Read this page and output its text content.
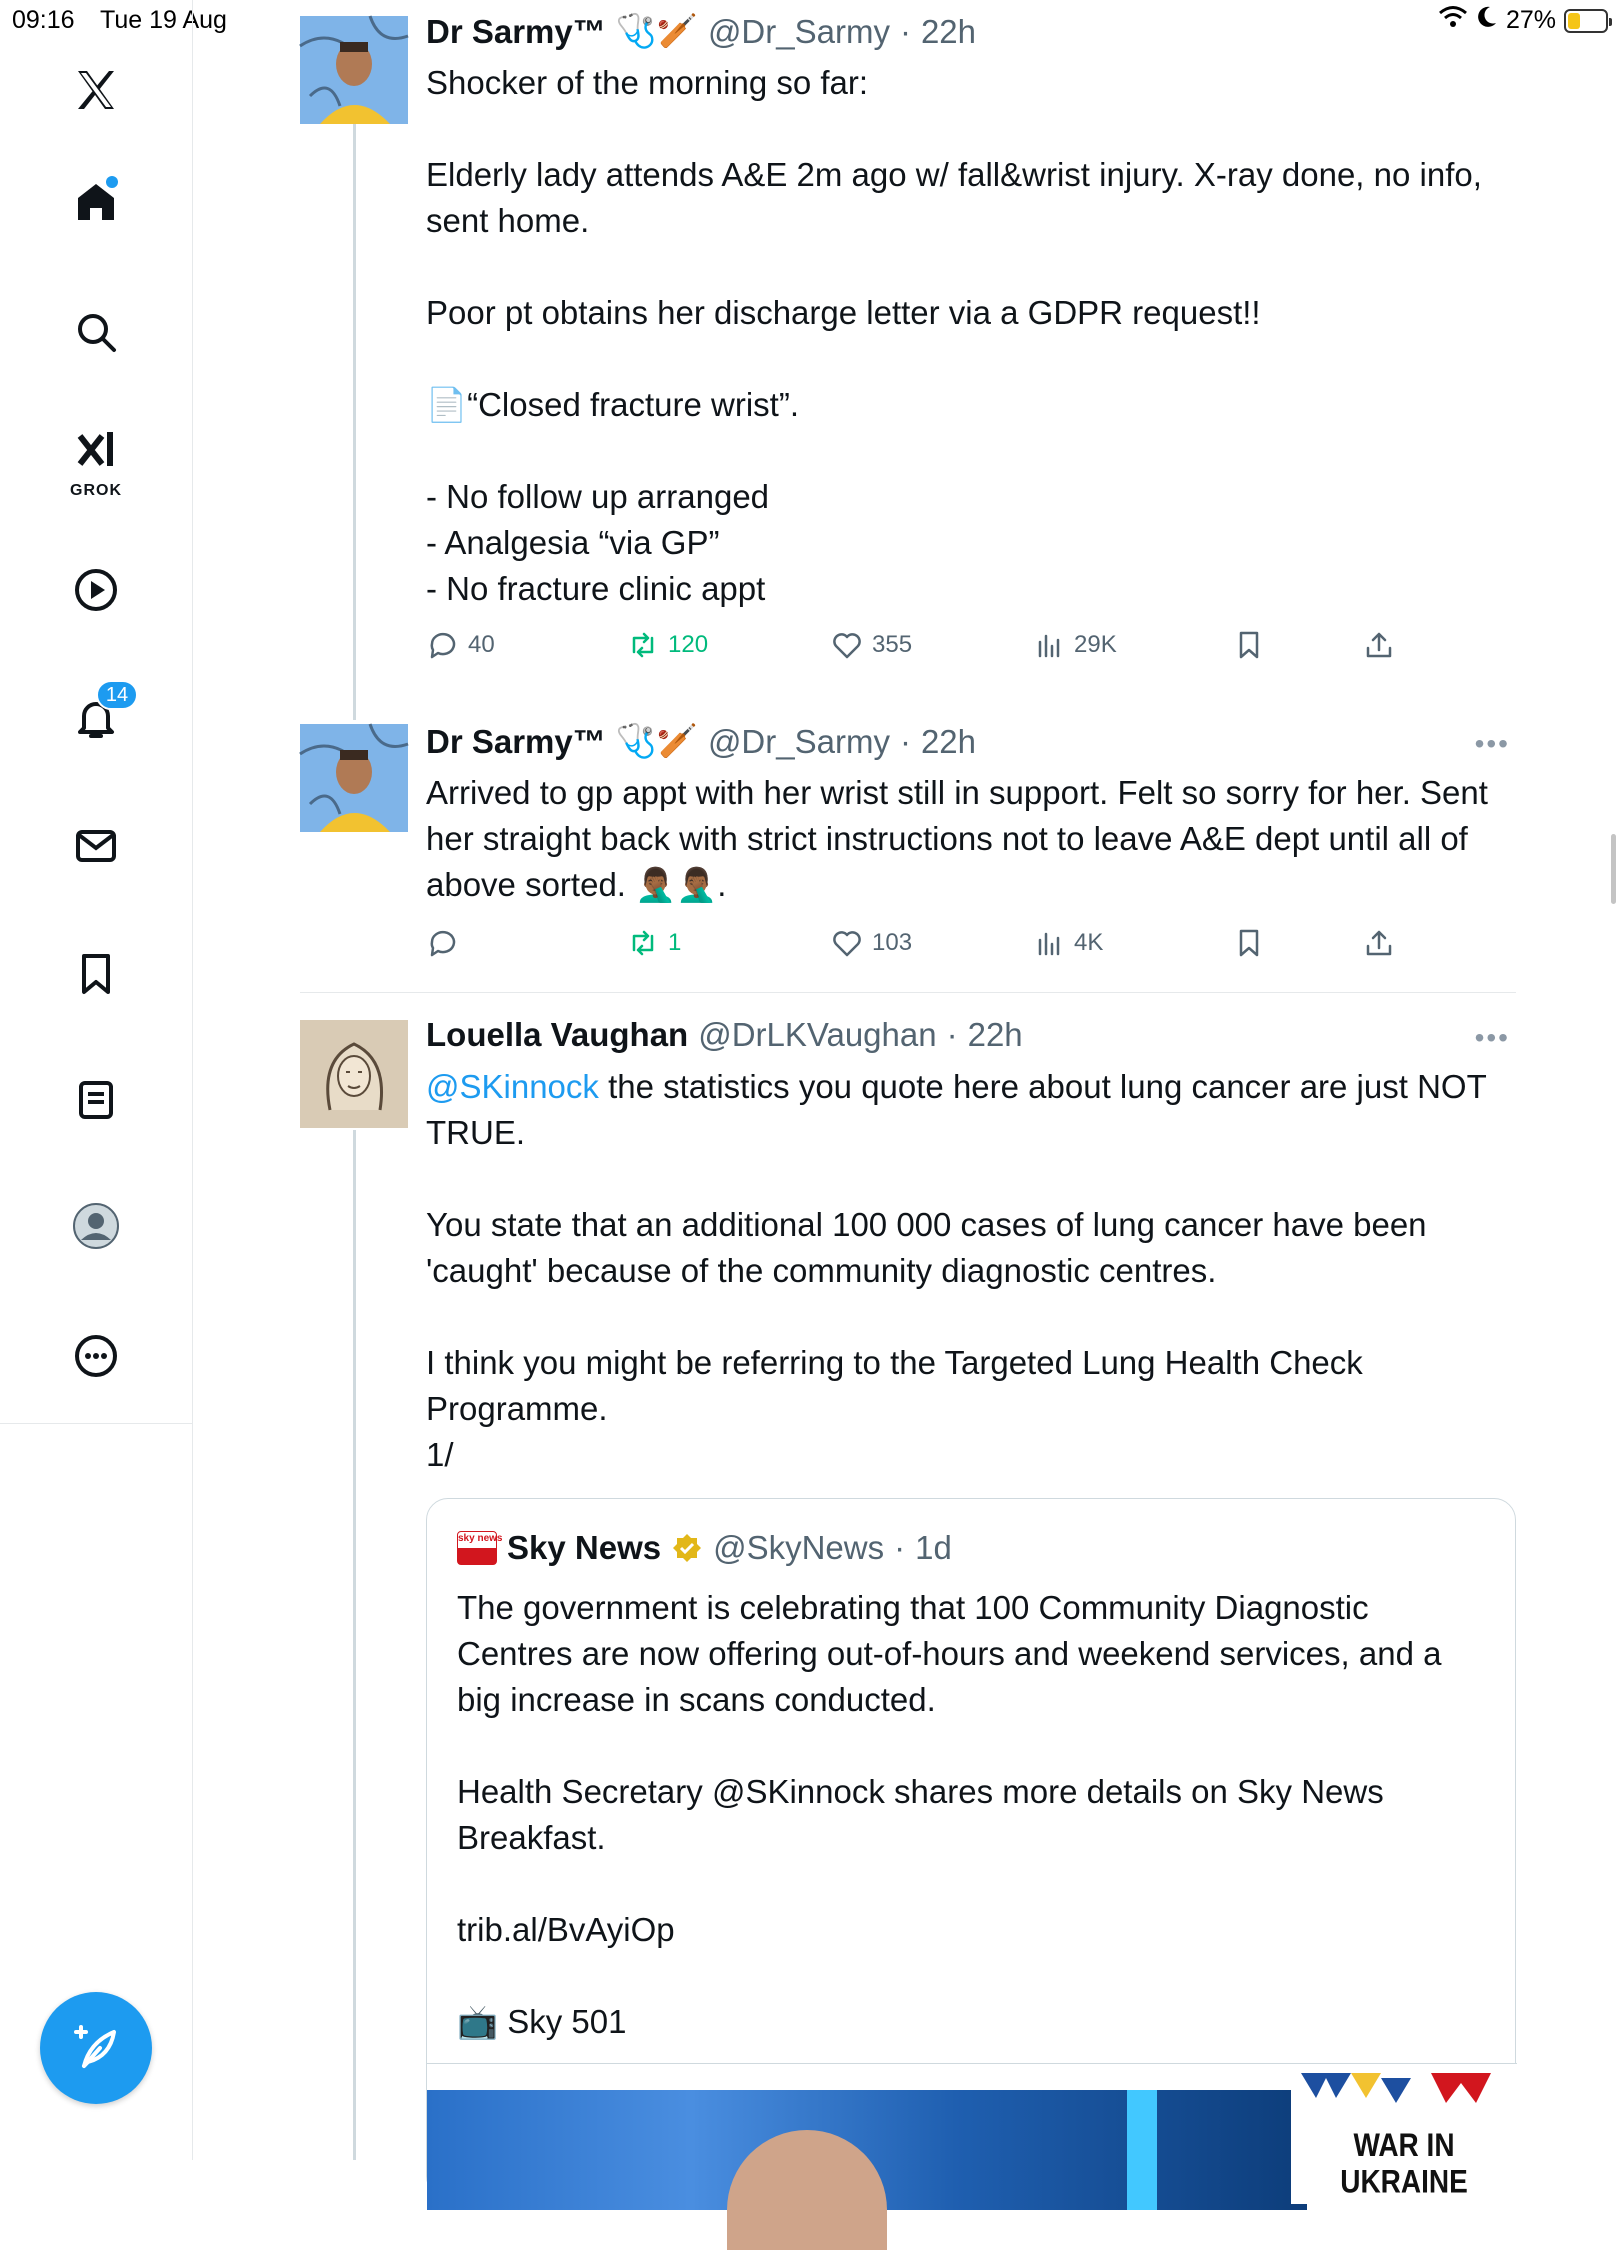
09:16 Tue 19 Aug	27%
GROK
14
Dr Sarmy™ 🩺🏏 @Dr_Sarmy · 22h
Shocker of the morning so far:

Elderly lady attends A&E 2m ago w/ fall&wrist injury. X-ray done, no info, sent home.

Poor pt obtains her discharge letter via a GDPR request!!

📄“Closed fracture wrist”.

- No follow up arranged
- Analgesia “via GP”
- No fracture clinic appt
40	120	355	29K
Dr Sarmy™ 🩺🏏 @Dr_Sarmy · 22h	•••
Arrived to gp appt with her wrist still in support. Felt so sorry for her. Sent her straight back with strict instructions not to leave A&E dept until all of above sorted. 🤦🏾‍♂️🤦🏾‍♂️.
1	103	4K
Louella Vaughan @DrLKVaughan · 22h	•••
@SKinnock the statistics you quote here about lung cancer are just NOT TRUE.

You state that an additional 100 000 cases of lung cancer have been 'caught' because of the community diagnostic centres.

I think you might be referring to the Targeted Lung Health Check Programme.
1/
sky news Sky News @SkyNews · 1d
The government is celebrating that 100 Community Diagnostic Centres are now offering out-of-hours and weekend services, and a big increase in scans conducted.

Health Secretary @SKinnock shares more details on Sky News Breakfast.

trib.al/BvAyiOp

📺 Sky 501
WAR IN UKRAINE
